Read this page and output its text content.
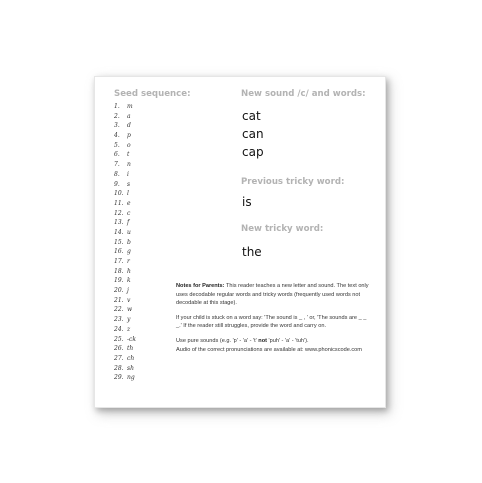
Seed sequence:
1. m
2. a
3. d
4. p
5. o
6. t
7. n
8. i
9. s
10. l
11. e
12. c
13. f
14. u
15. b
16. g
17. r
18. h
19. k
20. j
21. v
22. w
23. y
24. z
25. -ck
26. th
27. ch
28. sh
29. ng
New sound /c/ and words:
cat
can
cap
Previous tricky word:
is
New tricky word:
the

Notes for Parents: This reader teaches a new letter and sound. The text only uses decodable regular words and tricky words (frequently used words not decodable at this stage).

If your child is stuck on a word say: 'The sound is _ , ' or, 'The sounds are _ _ _.' If the reader still struggles, provide the word and carry on.

Use pure sounds (e.g. 'p' - 'a' - 't' not 'puh' - 'a' - 'tuh').
Audio of the correct pronunciations are available at: www.phonicscode.com
